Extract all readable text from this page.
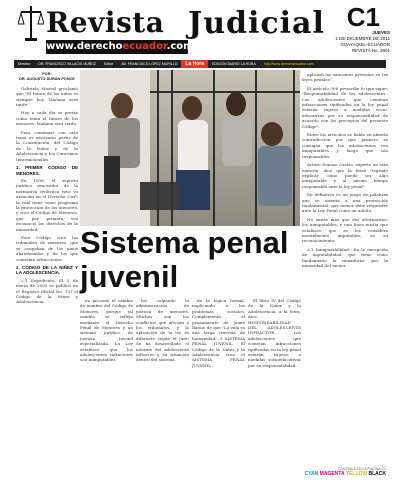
Revista Judicial
www.derechoecuador.com
C1
JUEVES
1 DE DICIEMBRE DE 2011
GUAYAQUIL-ECUADOR
REVISTA No. 3901
Director	DR. FRANCISCO VILLACIS MUÑOZ	Editor	AB. FRANCISCO LOPEZ MURILLO	La Hora	EDICIÓN DIARIO LA HORA	http://www.derechoecuador.com
POR:
DR. AUGUSTO DURÁN PONCE

Gabriela Mistral proclamó que "El futuro de los niños es siempre hoy. Mañana será tarde".

Hoy a cada día se presta como tema el futuro de los menores. Mañana será tarde.

Para comenzar con este tema es necesario partir de la Constitución, del Código de la Niñez y de la Adolescencia y los Convenios Internacionales.

1. PRIMER CÓDIGO DE MENORES.

En 1938, el espíritu jurídico renovador de la normativa civilística tuvo su atención en el Derecho Civil, la cual tiene como programa la protección de los menores, y creó el Código de Menores, que por primera vez reconoció los derechos de la minoridad.

Este Código creó las tribunales de menores, que se ocupaban de los niños abandonados y de los que cometían infracciones.

2. CÓDIGO DE LA NIÑEZ Y LA ADOLESCENCIA.

2.1 Expedición: El 3 de enero de 2003 se publicó en el Registro Oficial No. 737 el Código de la Niñez y Adolescencia.

Sistema penal
juvenil

no procede el cambio de nombre del Código de Menores, porque tal cambio se refleja mediante el Derecho Penal de Menores y un sistema jurídico de justicia juvenil especializada. La Ley establece que los adolescentes infractores son inimputables.

los culpando la administración de justicia de menores. Muchos son los conflictos que afectan a los tribunales, y la aplicación de la ley es diferente según el juez. Se ha desarrollado el informe del adolescente infractor y su situación dentro del sistema.

de la lógica formal, implicando a los problemas sociales. Complementa el pensamiento de Jaime Bassio de que "La vida es una larga travesía de humanidad". 3. SISTEMA PENAL JUVENIL. El Código de la Niñez y la Adolescencia crea el SISTEMA PENAL JUVENIL.

El libro IV del Código de la Niñez y la Adolescencia, a la letra, dice: RESPONSABILIDAD DEL ADOLESCENTE INFRACTOR. Los adolescentes que cometan infracciones tipificadas en la ley penal estarán sujetos a medidas socioeducativas por su responsabilidad.

aplicará las sanciones previstas en las leyes penales".

El artículo 306 prescribe lo que sigue: "Responsabilidad de los adolescentes.- Los adolescentes que cometan infracciones tipificadas en la ley penal estarán sujetos a medidas socio-educativas por su responsabilidad de acuerdo con los preceptos del presente Código".

Entre los artículos se habla en abierta contradicción por que primero se consigna que los adolescentes son inimputables y luego que son responsables.

Arturo Donoso Castro, experto en esta materia, dice que la frase "legrado explicar cómo puede ser algo inimputable y al mismo tiempo responsable ante la ley penal".

En definitiva es un juego de palabras que se orienta a una protección fundamental: que menor debe responder ante la Ley Penal como un adulto.

No existe más que dos alternativas: los inimputables, y una línea media que establece que se les considera mentalmente imputables, en su reconocimiento.

3.1 Inimputabilidad.- En la excepción de Imputabilidad, que tiene como fundamento la inmadurez, por la minoridad del menor.

CONTINÚA EN LA PÁGINA C2
CYAN MAGENTA YELLOW BLACK
